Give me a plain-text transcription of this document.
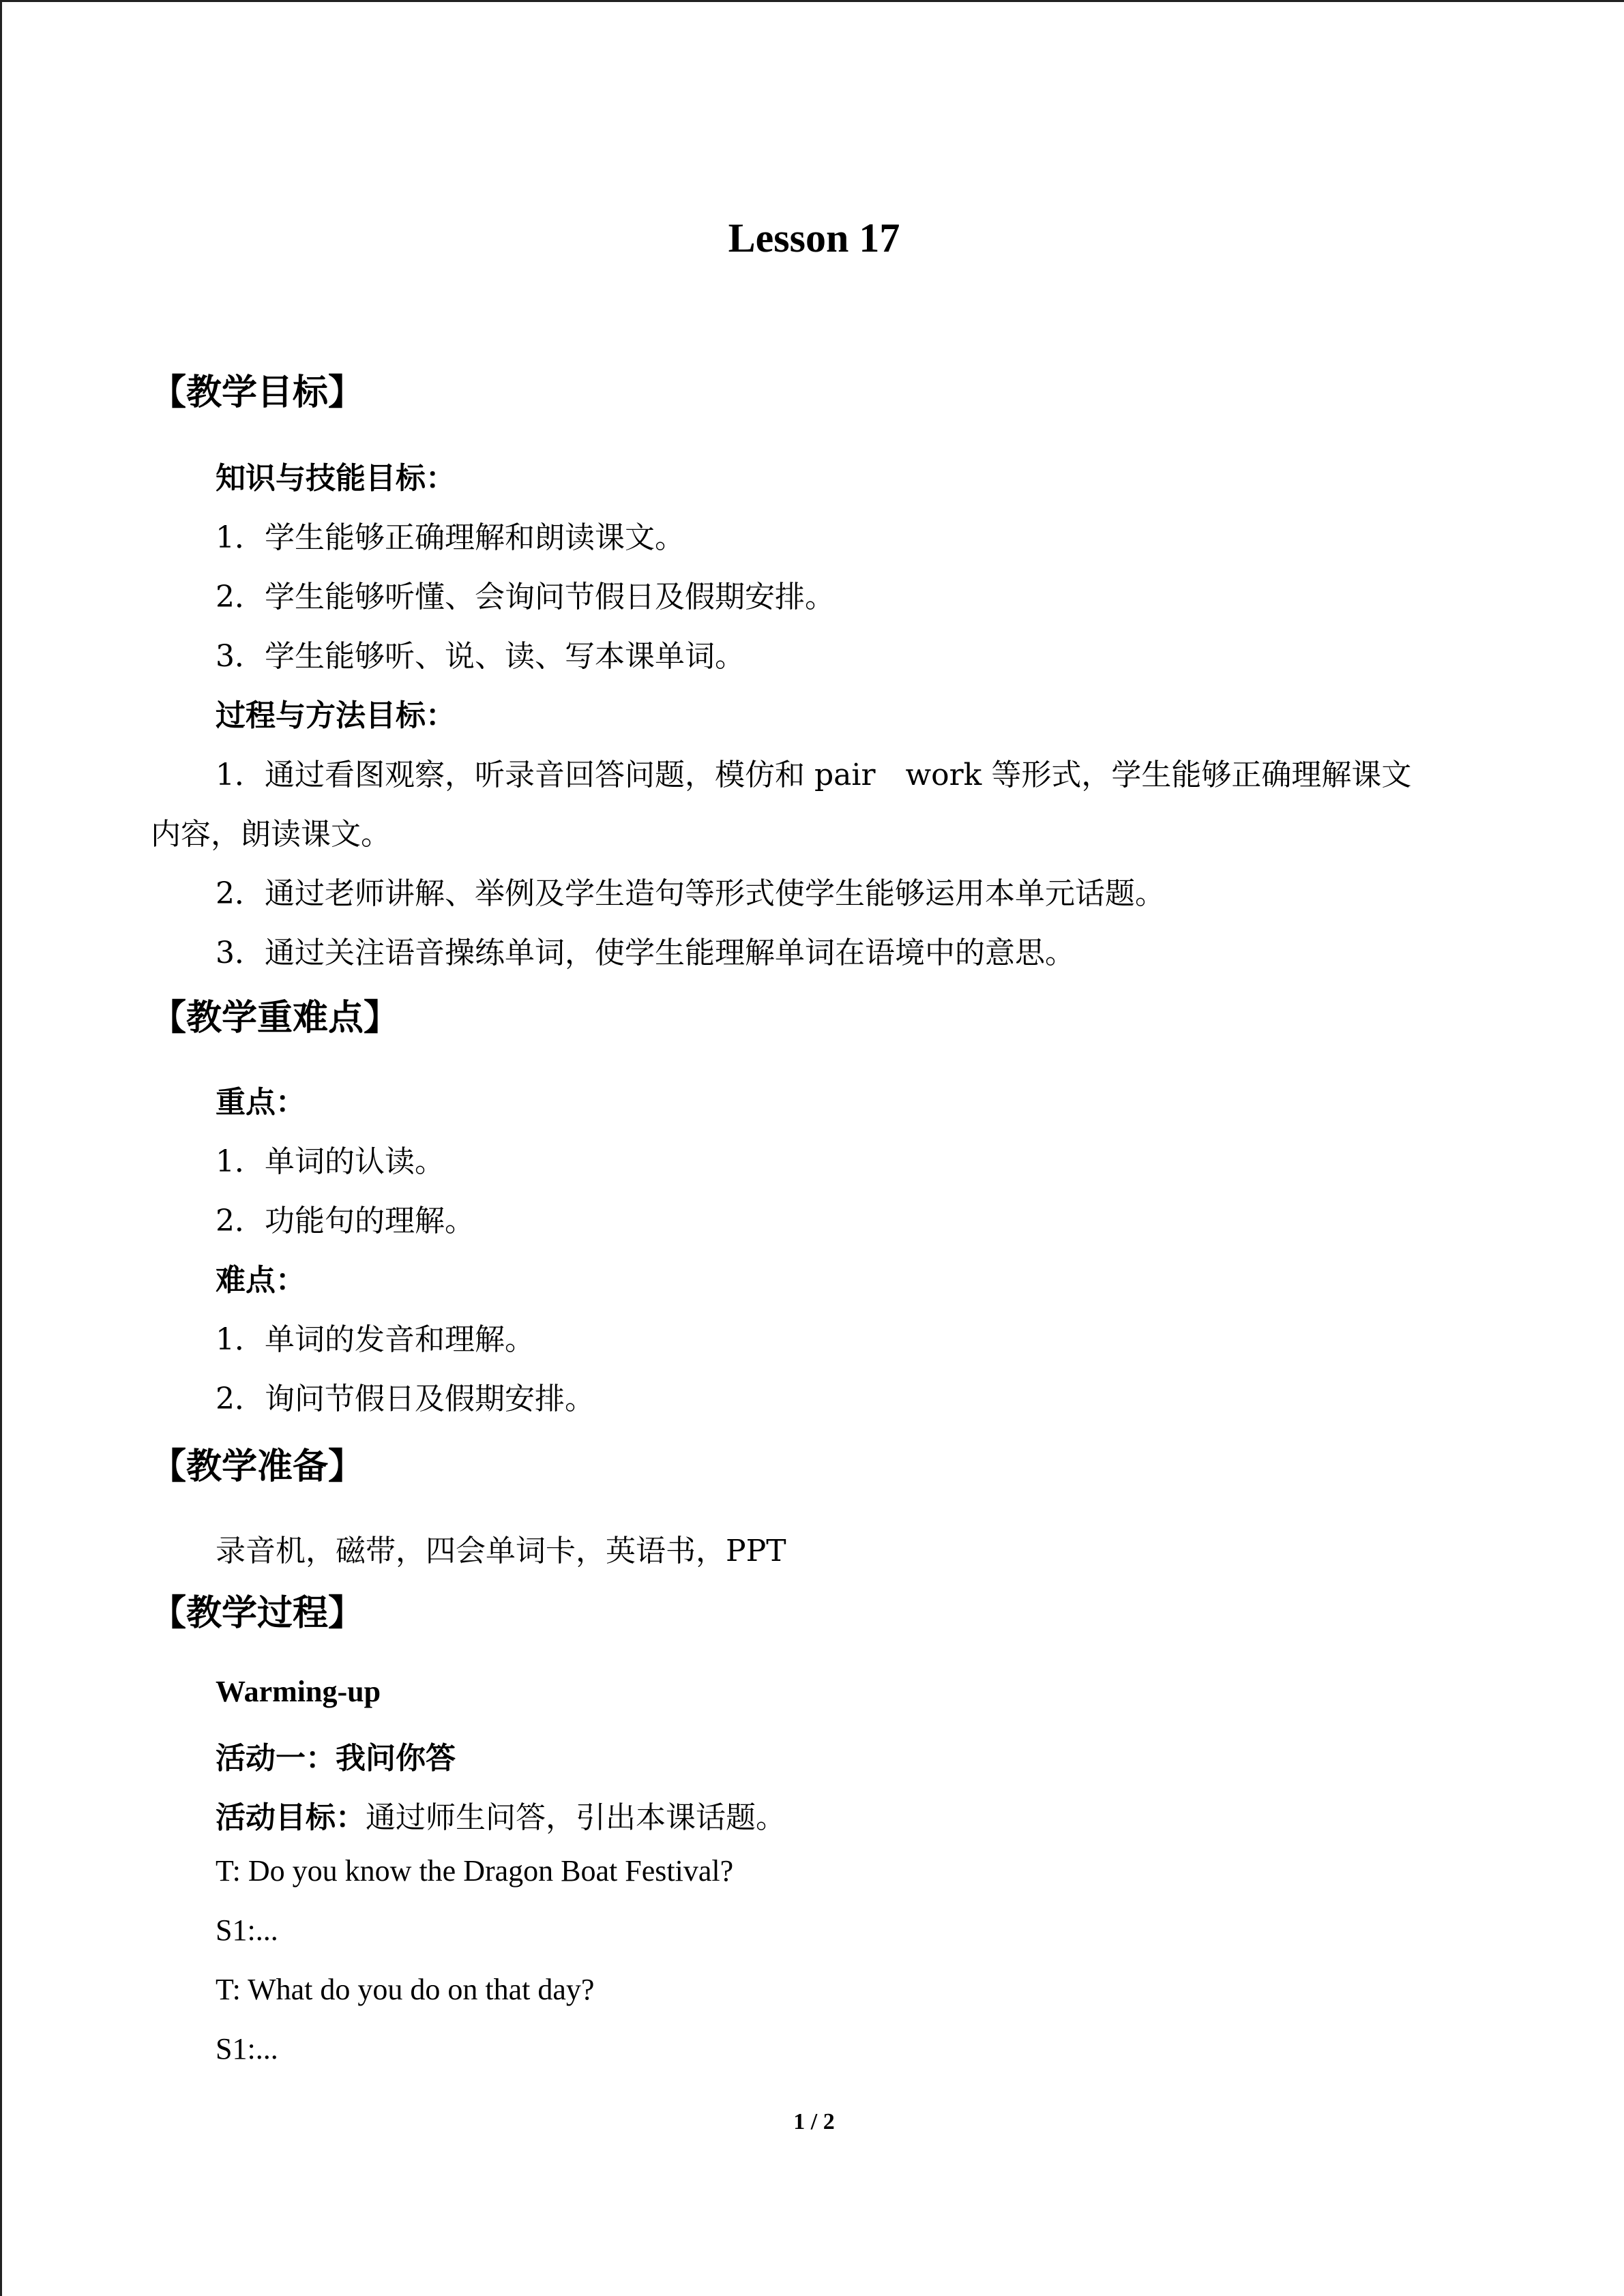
Lesson 17
【教学目标】
知识与技能目标：
1．学生能够正确理解和朗读课文。
2．学生能够听懂、会询问节假日及假期安排。
3．学生能够听、说、读、写本课单词。
过程与方法目标：
1．通过看图观察，听录音回答问题，模仿和 pair　work 等形式，学生能够正确理解课文
内容，朗读课文。
2．通过老师讲解、举例及学生造句等形式使学生能够运用本单元话题。
3．通过关注语音操练单词，使学生能理解单词在语境中的意思。
【教学重难点】
重点：
1．单词的认读。
2．功能句的理解。
难点：
1．单词的发音和理解。
2．询问节假日及假期安排。
【教学准备】
录音机，磁带，四会单词卡，英语书，PPT
【教学过程】
Warming-up
活动一：我问你答
活动目标：通过师生问答，引出本课话题。
T: Do you know the Dragon Boat Festival?
S1:...
T: What do you do on that day?
S1:...
1 / 2
